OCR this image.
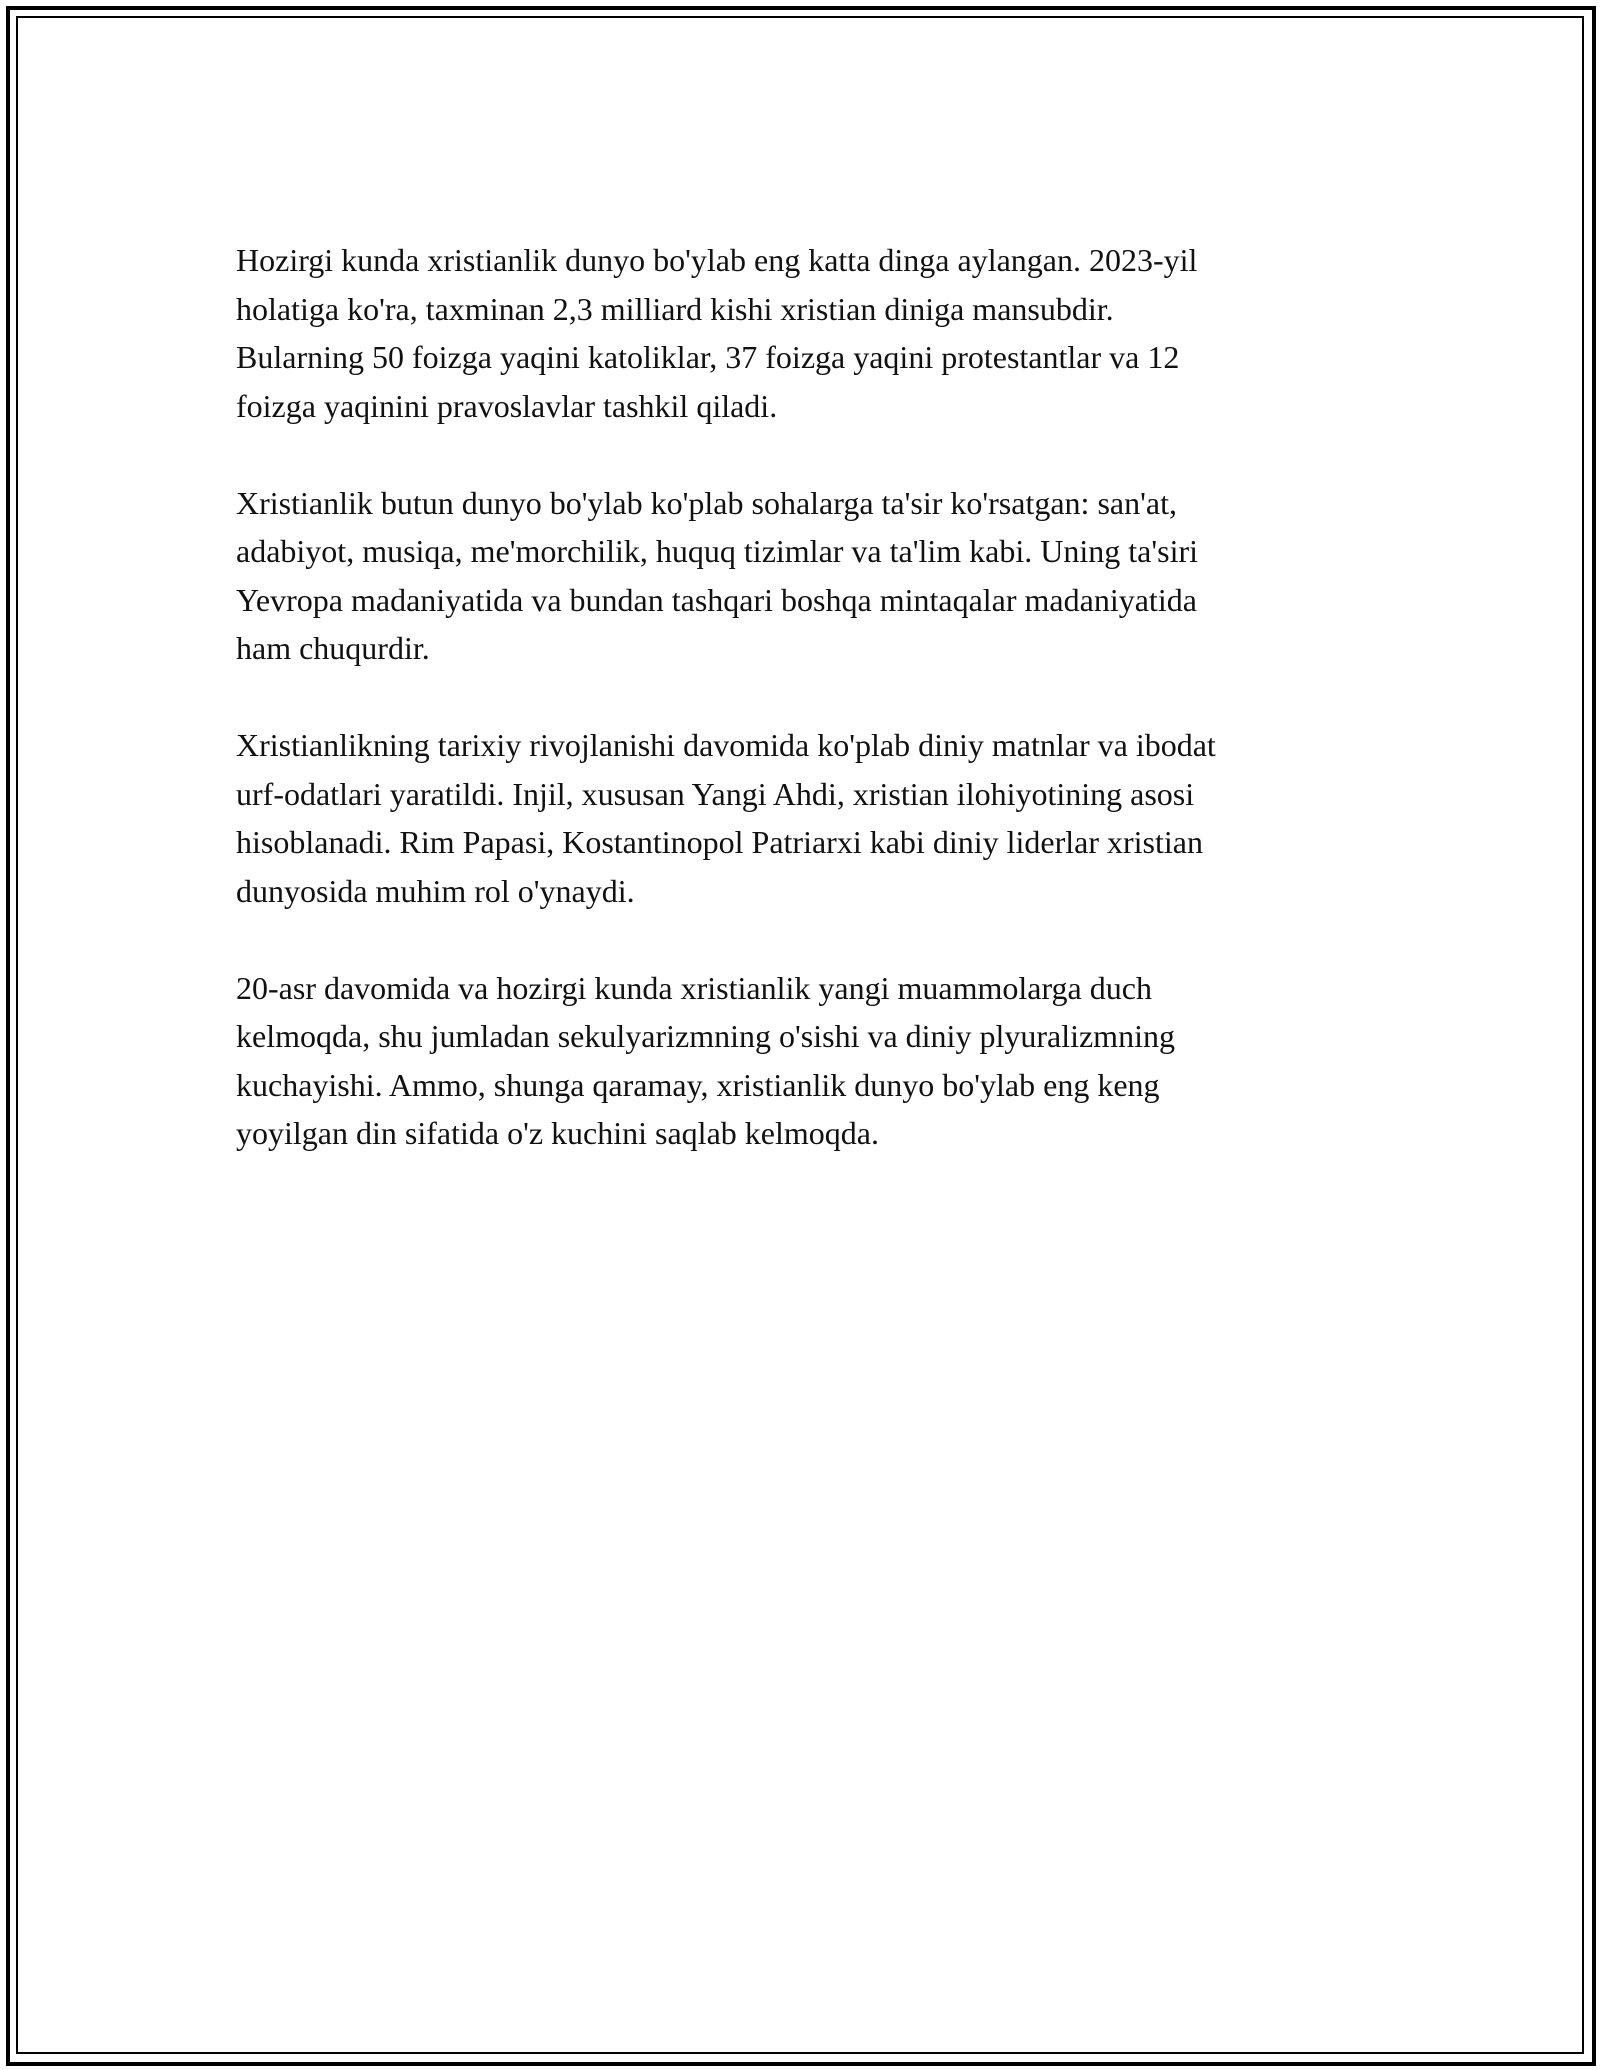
Hozirgi kunda xristianlik dunyo bo'ylab eng katta dinga aylangan. 2023-yil
holatiga ko'ra, taxminan 2,3 milliard kishi xristian diniga mansubdir.
Bularning 50 foizga yaqini katoliklar, 37 foizga yaqini protestantlar va 12
foizga yaqinini pravoslavlar tashkil qiladi.

Xristianlik butun dunyo bo'ylab ko'plab sohalarga ta'sir ko'rsatgan: san'at,
adabiyot, musiqa, me'morchilik, huquq tizimlar va ta'lim kabi. Uning ta'siri
Yevropa madaniyatida va bundan tashqari boshqa mintaqalar madaniyatida
ham chuqurdir.

Xristianlikning tarixiy rivojlanishi davomida ko'plab diniy matnlar va ibodat
urf-odatlari yaratildi. Injil, xususan Yangi Ahdi, xristian ilohiyotining asosi
hisoblanadi. Rim Papasi, Kostantinopol Patriarxi kabi diniy liderlar xristian
dunyosida muhim rol o'ynaydi.

20-asr davomida va hozirgi kunda xristianlik yangi muammolarga duch
kelmoqda, shu jumladan sekulyarizmning o'sishi va diniy plyuralizmning
kuchayishi. Ammo, shunga qaramay, xristianlik dunyo bo'ylab eng keng
yoyilgan din sifatida o'z kuchini saqlab kelmoqda.
